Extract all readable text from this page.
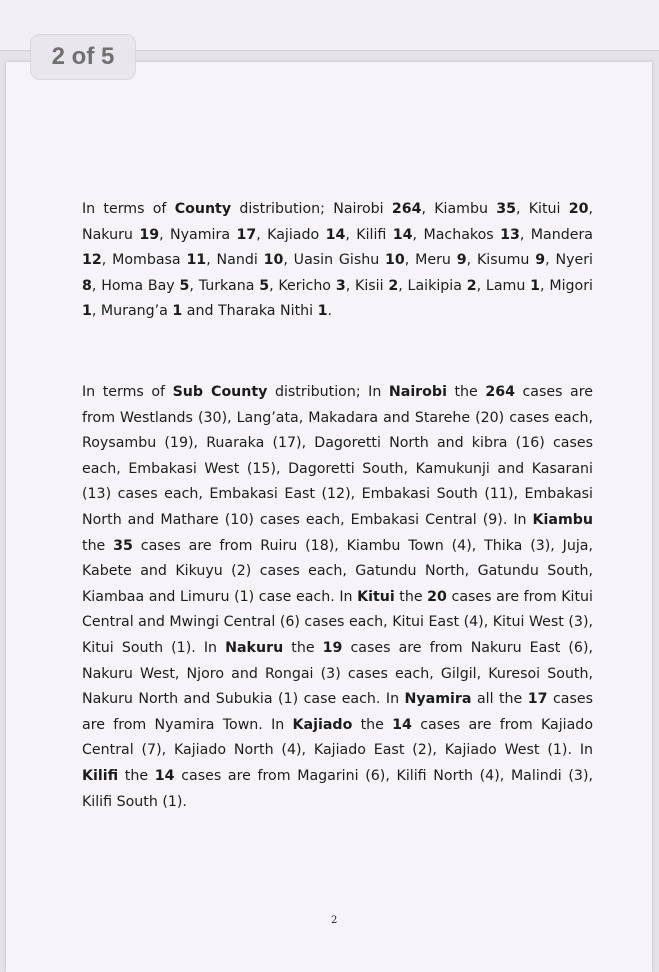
2 of 5

In terms of County distribution; Nairobi 264, Kiambu 35, Kitui 20, Nakuru 19, Nyamira 17, Kajiado 14, Kilifi 14, Machakos 13, Mandera 12, Mombasa 11, Nandi 10, Uasin Gishu 10, Meru 9, Kisumu 9, Nyeri 8, Homa Bay 5, Turkana 5, Kericho 3, Kisii 2, Laikipia 2, Lamu 1, Migori 1, Murang’a 1 and Tharaka Nithi 1.

In terms of Sub County distribution; In Nairobi the 264 cases are from Westlands (30), Lang’ata, Makadara and Starehe (20) cases each, Roysambu (19), Ruaraka (17), Dagoretti North and kibra (16) cases each, Embakasi West (15), Dagoretti South, Kamukunji and Kasarani (13) cases each, Embakasi East (12), Embakasi South (11), Embakasi North and Mathare (10) cases each, Embakasi Central (9). In Kiambu the 35 cases are from Ruiru (18), Kiambu Town (4), Thika (3), Juja, Kabete and Kikuyu (2) cases each, Gatundu North, Gatundu South, Kiambaa and Limuru (1) case each. In Kitui the 20 cases are from Kitui Central and Mwingi Central (6) cases each, Kitui East (4), Kitui West (3), Kitui South (1). In Nakuru the 19 cases are from Nakuru East (6), Nakuru West, Njoro and Rongai (3) cases each, Gilgil, Kuresoi South, Nakuru North and Subukia (1) case each. In Nyamira all the 17 cases are from Nyamira Town. In Kajiado the 14 cases are from Kajiado Central (7), Kajiado North (4), Kajiado East (2), Kajiado West (1). In Kilifi the 14 cases are from Magarini (6), Kilifi North (4), Malindi (3), Kilifi South (1).

2
